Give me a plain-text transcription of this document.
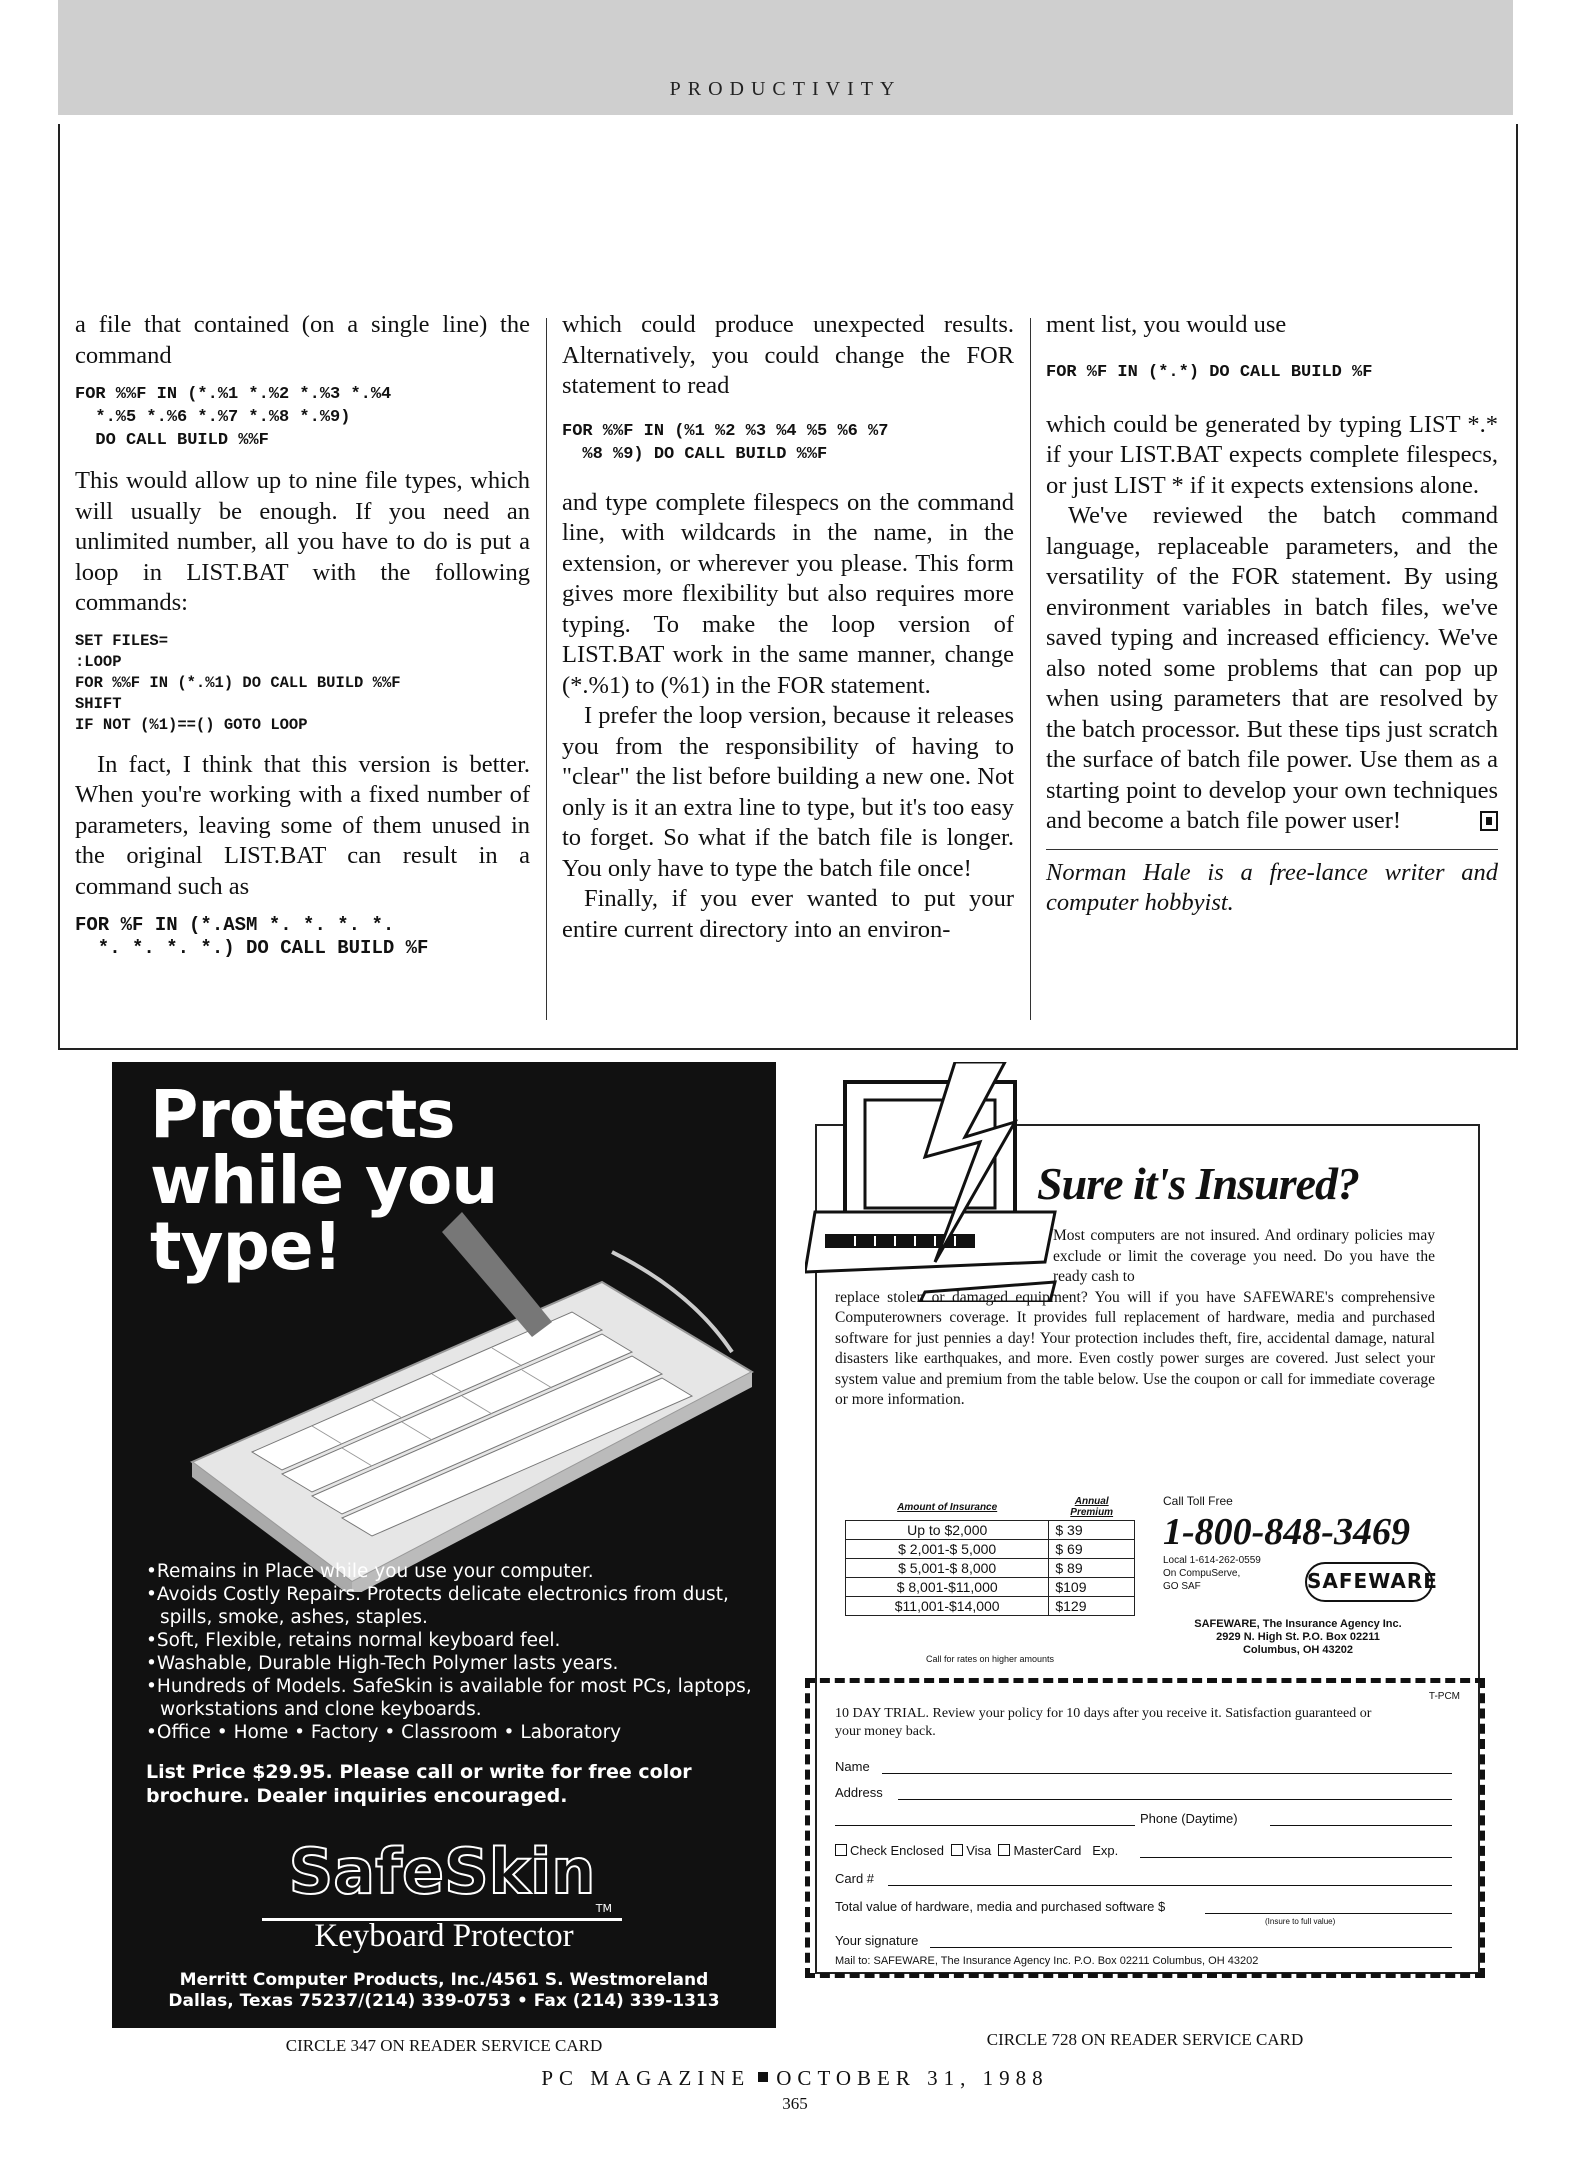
PRODUCTIVITY

a file that contained (on a single line) the command

FOR %%F IN (*.%1 *.%2 *.%3 *.%4
*.%5 *.%6 *.%7 *.%8 *.%9)
DO CALL BUILD %%F

This would allow up to nine file types, which will usually be enough. If you need an unlimited number, all you have to do is put a loop in LIST.BAT with the following commands:

SET FILES=
:LOOP
FOR %%F IN (*.%1) DO CALL BUILD %%F
SHIFT
IF NOT (%1)==() GOTO LOOP

In fact, I think that this version is better. When you're working with a fixed number of parameters, leaving some of them unused in the original LIST.BAT can result in a command such as

FOR %F IN (*.ASM *. *. *. *.
*. *. *. *.) DO CALL BUILD %F

which could produce unexpected results. Alternatively, you could change the FOR statement to read

FOR %%F IN (%1 %2 %3 %4 %5 %6 %7
%8 %9) DO CALL BUILD %%F

and type complete filespecs on the command line, with wildcards in the name, in the extension, or wherever you please. This form gives more flexibility but also requires more typing. To make the loop version of LIST.BAT work in the same manner, change (*.%1) to (%1) in the FOR statement.

I prefer the loop version, because it releases you from the responsibility of having to "clear" the list before building a new one. Not only is it an extra line to type, but it's too easy to forget. So what if the batch file is longer. You only have to type the batch file once!

Finally, if you ever wanted to put your entire current directory into an environ-

ment list, you would use

FOR %F IN (*.*) DO CALL BUILD %F

which could be generated by typing LIST *.* if your LIST.BAT expects complete filespecs, or just LIST * if it expects extensions alone.

We've reviewed the batch command language, replaceable parameters, and the versatility of the FOR statement. By using environment variables in batch files, we've saved typing and increased efficiency. We've also noted some problems that can pop up when using parameters that are resolved by the batch processor. But these tips just scratch the surface of batch file power. Use them as a starting point to develop your own techniques and become a batch file power user!

Norman Hale is a free-lance writer and computer hobbyist.

Protects
while you
type!
• Remains in Place while you use your computer.
• Avoids Costly Repairs. Protects delicate electronics from dust, spills, smoke, ashes, staples.
• Soft, Flexible, retains normal keyboard feel.
• Washable, Durable High-Tech Polymer lasts years.
• Hundreds of Models. SafeSkin is available for most PCs, laptops, workstations and clone keyboards.
• Office • Home • Factory • Classroom • Laboratory
List Price $29.95. Please call or write for free color brochure. Dealer inquiries encouraged.
SafeSkin
TM
Keyboard Protector
Merritt Computer Products, Inc./4561 S. Westmoreland
Dallas, Texas 75237/(214) 339-0753 • Fax (214) 339-1313
CIRCLE 347 ON READER SERVICE CARD
Sure it's Insured?
Most computers are not insured. And ordinary policies may exclude or limit the coverage you need. Do you have the ready cash to
replace stolen or damaged equipment? You will if you have SAFEWARE's comprehensive Computerowners coverage. It provides full replacement of hardware, media and purchased software for just pennies a day! Your protection includes theft, fire, accidental damage, natural disasters like earthquakes, and more. Even costly power surges are covered. Just select your system value and premium from the table below. Use the coupon or call for immediate coverage or more information.
Amount of Insurance	Annual Premium
Up to $2,000	$ 39
$ 2,001-$ 5,000	$ 69
$ 5,001-$ 8,000	$ 89
$ 8,001-$11,000	$109
$11,001-$14,000	$129
Call for rates on higher amounts
Call Toll Free
1-800-848-3469
Local 1-614-262-0559
On CompuServe,
GO SAF	SAFEWARE
SAFEWARE, The Insurance Agency Inc.
2929 N. High St. P.O. Box 02211
Columbus, OH 43202
T-PCM
10 DAY TRIAL. Review your policy for 10 days after you receive it. Satisfaction guaranteed or your money back.
Name
Address
Phone (Daytime)
Check Enclosed Visa MasterCard Exp.
Card #
Total value of hardware, media and purchased software $
(Insure to full value)
Your signature
Mail to: SAFEWARE, The Insurance Agency Inc. P.O. Box 02211 Columbus, OH 43202
CIRCLE 728 ON READER SERVICE CARD
PC MAGAZINE OCTOBER 31, 1988
365
